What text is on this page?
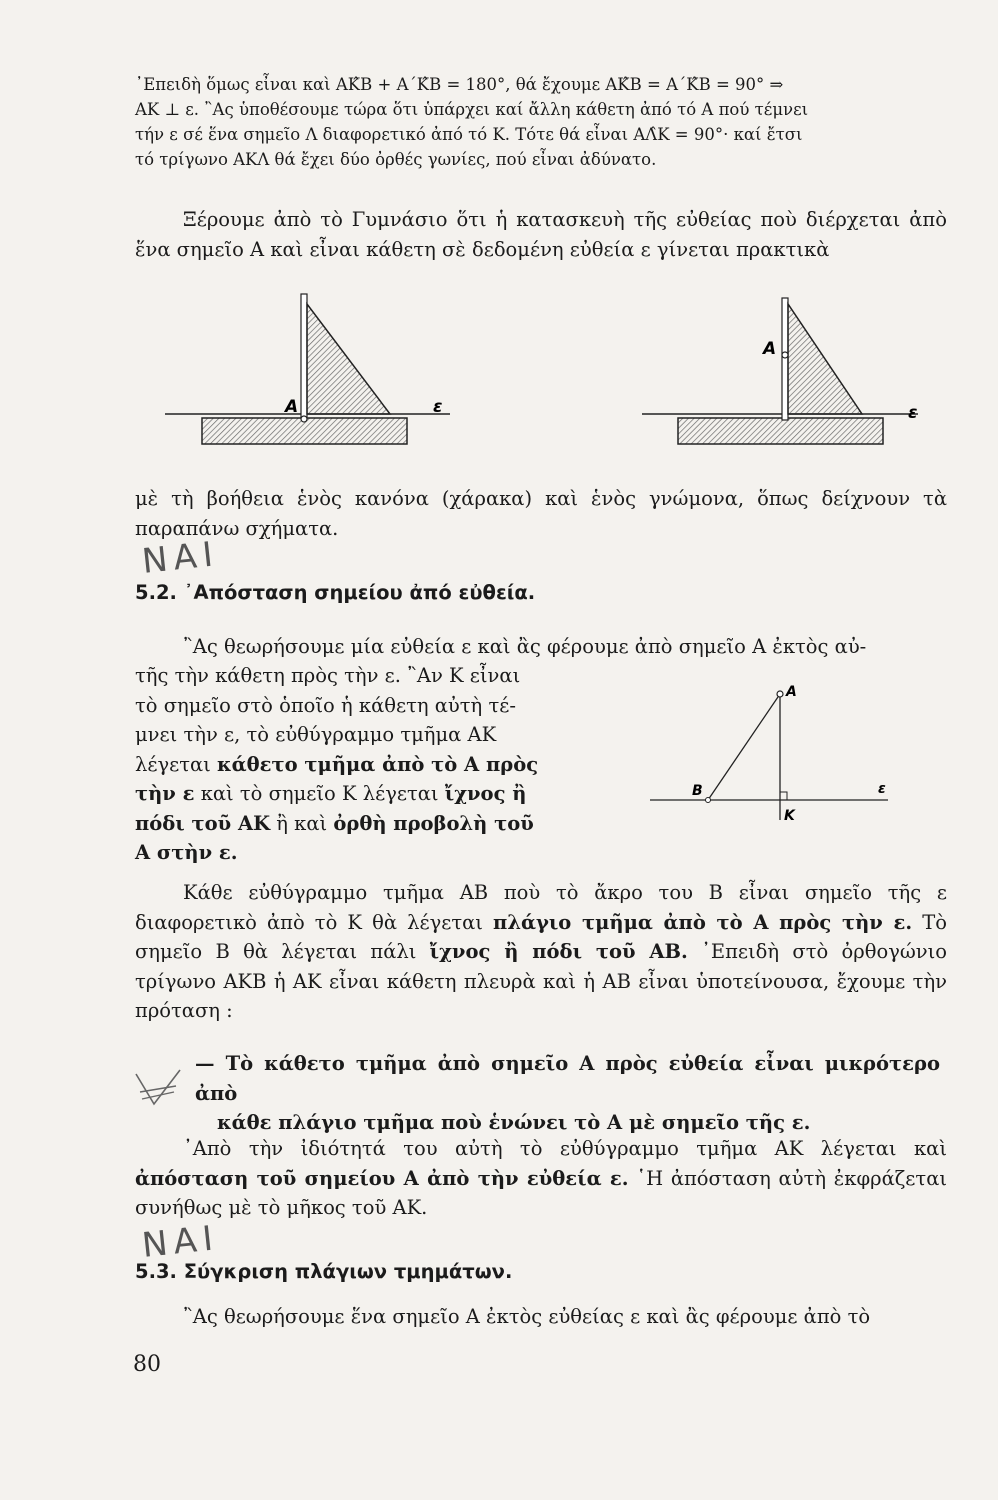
᾿Επειδὴ ὅμως εἶναι καὶ ΑΚ̂Β + Α΄Κ̂Β = 180°, θά ἔχουμε ΑΚ̂Β = Α΄Κ̂Β = 90° ⇒
ΑΚ ⊥ ε. ῍Ας ὑποθέσουμε τώρα ὅτι ὑπάρχει καί ἄλλη κάθετη ἀπό τό Α πού τέμνει
τήν ε σέ ἕνα σημεῖο Λ διαφορετικό ἀπό τό Κ. Τότε θά εἶναι ΑΛ̂Κ = 90°· καί ἔτσι
τό τρίγωνο ΑΚΛ θά ἔχει δύο ὀρθές γωνίες, πού εἶναι ἀδύνατο.
Ξέρουμε ἀπὸ τὸ Γυμνάσιο ὅτι ἡ κατασκευὴ τῆς εὐθείας ποὺ διέρχεται ἀπὸ ἕνα σημεῖο Α καὶ εἶναι κάθετη σὲ δεδομένη εὐθεία ε γίνεται πρακτικὰ
Α	ε
Α
ε
μὲ τὴ βοήθεια ἑνὸς κανόνα (χάρακα) καὶ ἑνὸς γνώμονα, ὅπως δείχνουν τὰ παραπάνω σχήματα.
ΝΑΙ
5.2. ᾿Απόσταση σημείου ἀπό εὐθεία.
῍Ας θεωρήσουμε μία εὐθεία ε καὶ ἂς φέρουμε ἀπὸ σημεῖο Α ἐκτὸς αὐ-
τῆς τὴν κάθετη πρὸς τὴν ε. ῍Αν Κ εἶναι
τὸ σημεῖο στὸ ὁποῖο ἡ κάθετη αὐτὴ τέ-
μνει τὴν ε, τὸ εὐθύγραμμο τμῆμα ΑΚ
λέγεται κάθετο τμῆμα ἀπὸ τὸ Α πρὸς
τὴν ε καὶ τὸ σημεῖο Κ λέγεται ἴχνος ἢ
πόδι τοῦ ΑΚ ἢ καὶ ὀρθὴ προβολὴ τοῦ
Α στὴν ε.
Α
Β
Κ
ε
Κάθε εὐθύγραμμο τμῆμα ΑΒ ποὺ τὸ ἄκρο του Β εἶναι σημεῖο τῆς ε διαφορετικὸ ἀπὸ τὸ Κ θὰ λέγεται πλάγιο τμῆμα ἀπὸ τὸ Α πρὸς τὴν ε. Τὸ σημεῖο Β θὰ λέγεται πάλι ἴχνος ἢ πόδι τοῦ ΑΒ. ᾿Επειδὴ στὸ ὀρθογώνιο τρίγωνο ΑΚΒ ἡ ΑΚ εἶναι κάθετη πλευρὰ καὶ ἡ ΑΒ εἶναι ὑποτείνουσα, ἔχουμε τὴν πρόταση :
— Τὸ κάθετο τμῆμα ἀπὸ σημεῖο Α πρὸς εὐθεία εἶναι μικρότερο ἀπὸ
κάθε πλάγιο τμῆμα ποὺ ἑνώνει τὸ Α μὲ σημεῖο τῆς ε.
᾿Απὸ τὴν ἰδιότητά του αὐτὴ τὸ εὐθύγραμμο τμῆμα ΑΚ λέγεται καὶ ἀπόσταση τοῦ σημείου Α ἀπὸ τὴν εὐθεία ε. ῾Η ἀπόσταση αὐτὴ ἐκφράζεται συνήθως μὲ τὸ μῆκος τοῦ ΑΚ.
ΝΑΙ
5.3. Σύγκριση πλάγιων τμημάτων.
῍Ας θεωρήσουμε ἕνα σημεῖο Α ἐκτὸς εὐθείας ε καὶ ἂς φέρουμε ἀπὸ τὸ
80
